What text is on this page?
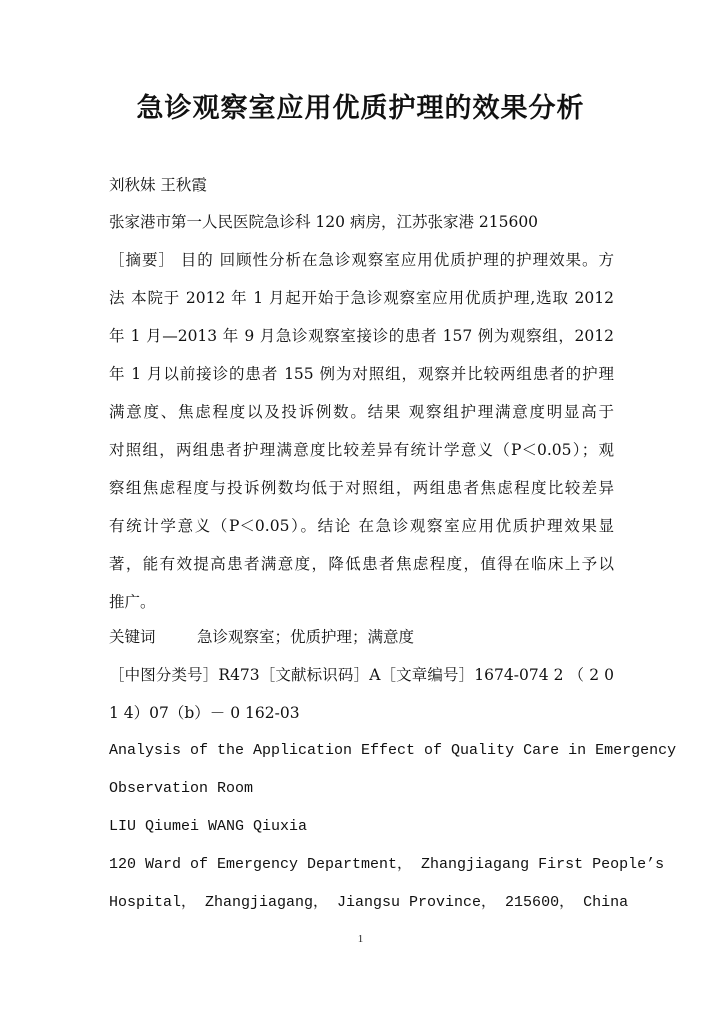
急诊观察室应用优质护理的效果分析
刘秋妹 王秋霞
张家港市第一人民医院急诊科 120 病房，江苏张家港 215600
［摘要］ 目的 回顾性分析在急诊观察室应用优质护理的护理效果。方
法 本院于 2012 年 1 月起开始于急诊观察室应用优质护理,选取 2012
年 1 月—2013 年 9 月急诊观察室接诊的患者 157 例为观察组，2012
年 1 月以前接诊的患者 155 例为对照组，观察并比较两组患者的护理
满意度、焦虑程度以及投诉例数。结果 观察组护理满意度明显高于
对照组，两组患者护理满意度比较差异有统计学意义（P＜0.05）；观
察组焦虑程度与投诉例数均低于对照组，两组患者焦虑程度比较差异
有统计学意义（P＜0.05）。结论 在急诊观察室应用优质护理效果显
著，能有效提高患者满意度，降低患者焦虑程度，值得在临床上予以
推广。
关键词	急诊观察室；优质护理；满意度
［中图分类号］R473［文献标识码］A［文章编号］1674-074 2 （ 2 0
1 4）07（b）－ 0 162-03
Analysis of the Application Effect of Quality Care in Emergency
Observation Room
LIU Qiumei WANG Qiuxia
120 Ward of Emergency Department， Zhangjiagang First People’s
Hospital， Zhangjiagang， Jiangsu Province， 215600， China
1
